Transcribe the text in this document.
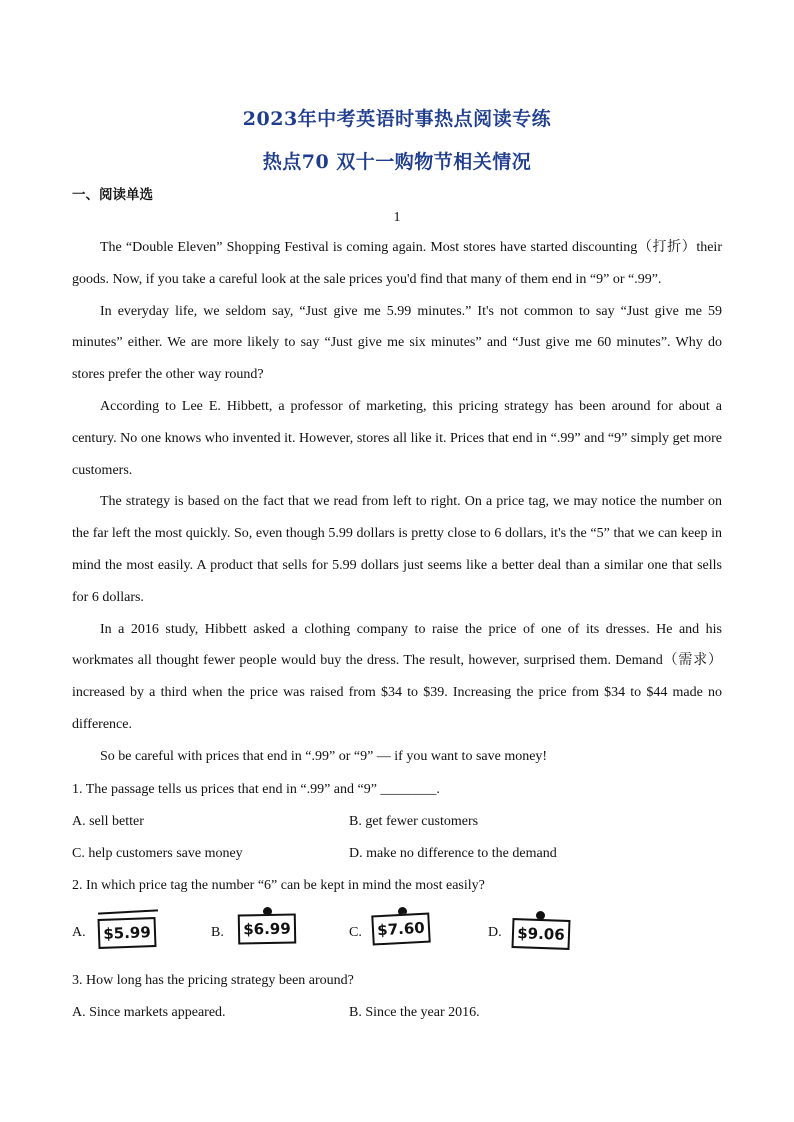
2023年中考英语时事热点阅读专练
热点70 双十一购物节相关情况
一、阅读单选
1

The “Double Eleven” Shopping Festival is coming again. Most stores have started discounting（打折）their goods. Now, if you take a careful look at the sale prices you'd find that many of them end in “9” or “.99”.

In everyday life, we seldom say, “Just give me 5.99 minutes.” It's not common to say “Just give me 59 minutes” either. We are more likely to say “Just give me six minutes” and “Just give me 60 minutes”. Why do stores prefer the other way round?

According to Lee E. Hibbett, a professor of marketing, this pricing strategy has been around for about a century. No one knows who invented it. However, stores all like it. Prices that end in “.99” and “9” simply get more customers.

The strategy is based on the fact that we read from left to right. On a price tag, we may notice the number on the far left the most quickly. So, even though 5.99 dollars is pretty close to 6 dollars, it's the “5” that we can keep in mind the most easily. A product that sells for 5.99 dollars just seems like a better deal than a similar one that sells for 6 dollars.

In a 2016 study, Hibbett asked a clothing company to raise the price of one of its dresses. He and his workmates all thought fewer people would buy the dress. The result, however, surprised them. Demand（需求）increased by a third when the price was raised from $34 to $39. Increasing the price from $34 to $44 made no difference.

So be careful with prices that end in “.99” or “9” — if you want to save money!

1. The passage tells us prices that end in “.99” and “9” ________.
A. sell better	B. get fewer customers
C. help customers save money	D. make no difference to the demand
2. In which price tag the number “6” can be kept in mind the most easily?
A. $5.99	B. $6.99	C. $7.60	D. $9.06
3. How long has the pricing strategy been around?
A. Since markets appeared.	B. Since the year 2016.
